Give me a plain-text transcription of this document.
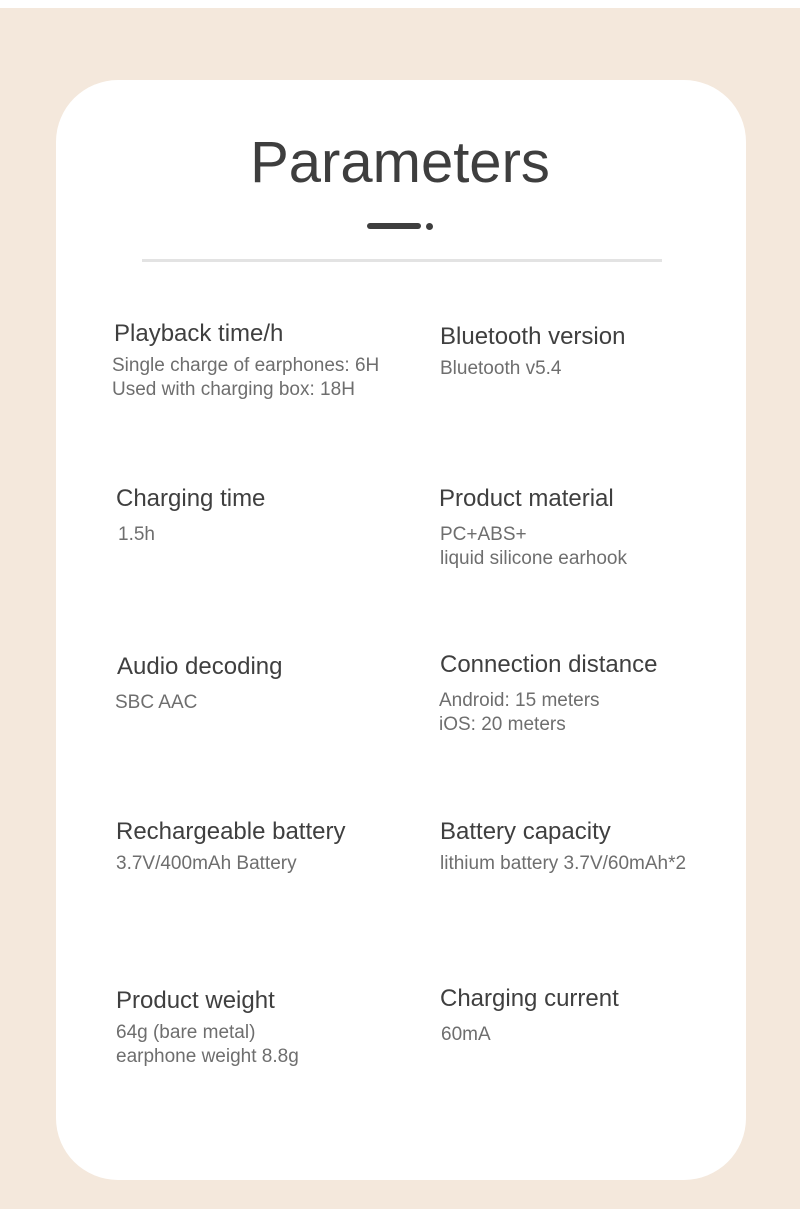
Parameters
Playback time/h
Single charge of earphones: 6H
Used with charging box: 18H
Bluetooth version
Bluetooth v5.4
Charging time
1.5h
Product material
PC+ABS+
liquid silicone earhook
Audio decoding
SBC AAC
Connection distance
Android: 15 meters
iOS: 20 meters
Rechargeable battery
3.7V/400mAh Battery
Battery capacity
lithium battery 3.7V/60mAh*2
Product weight
64g (bare metal)
earphone weight 8.8g
Charging current
60mA
